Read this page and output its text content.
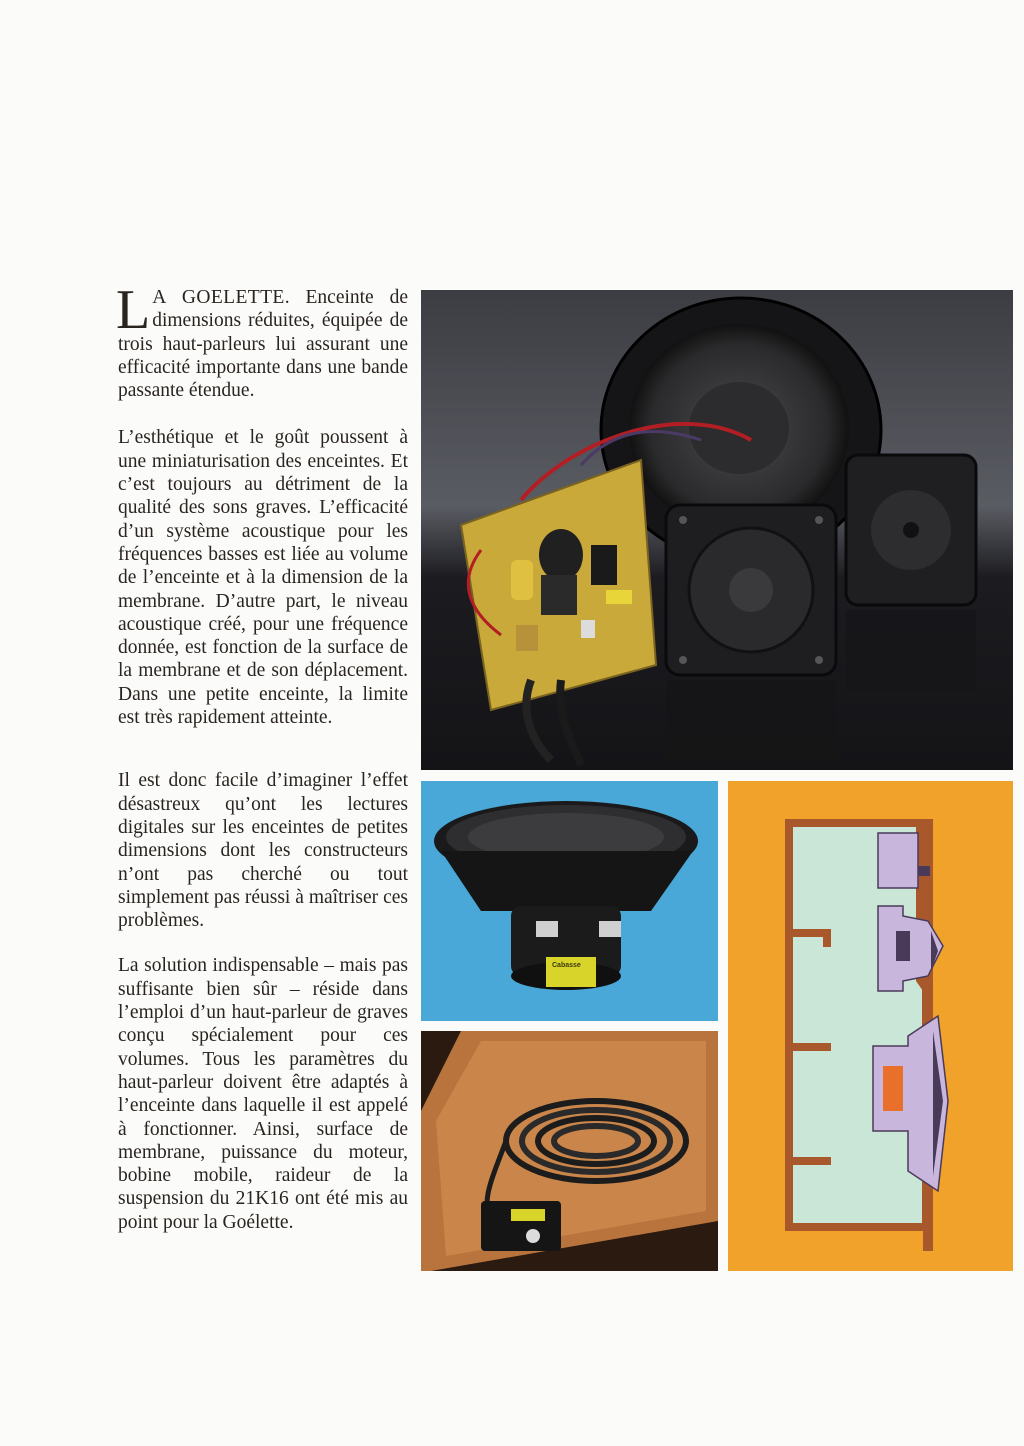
L A GOELETTE. Enceinte de dimensions réduites, équipée de trois haut-parleurs lui assurant une efficacité importante dans une bande passante étendue.

L’esthétique et le goût poussent à une miniaturisation des enceintes. Et c’est toujours au détriment de la qualité des sons graves. L’efficacité d’un système acoustique pour les fréquences basses est liée au volume de l’enceinte et à la dimension de la membrane. D’autre part, le niveau acoustique créé, pour une fréquence donnée, est fonction de la surface de la membrane et de son déplacement. Dans une petite enceinte, la limite est très rapidement atteinte.

Il est donc facile d’imaginer l’effet désastreux qu’ont les lectures digitales sur les enceintes de petites dimensions dont les constructeurs n’ont pas cherché ou tout simplement pas réussi à maîtriser ces problèmes.

La solution indispensable – mais pas suffisante bien sûr – réside dans l’emploi d’un haut-parleur de graves conçu spécialement pour ces volumes. Tous les paramètres du haut-parleur doivent être adaptés à l’enceinte dans laquelle il est appelé à fonctionner. Ainsi, surface de membrane, puissance du moteur, bobine mobile, raideur de la suspension du 21K16 ont été mis au point pour la Goélette.

Cabasse
